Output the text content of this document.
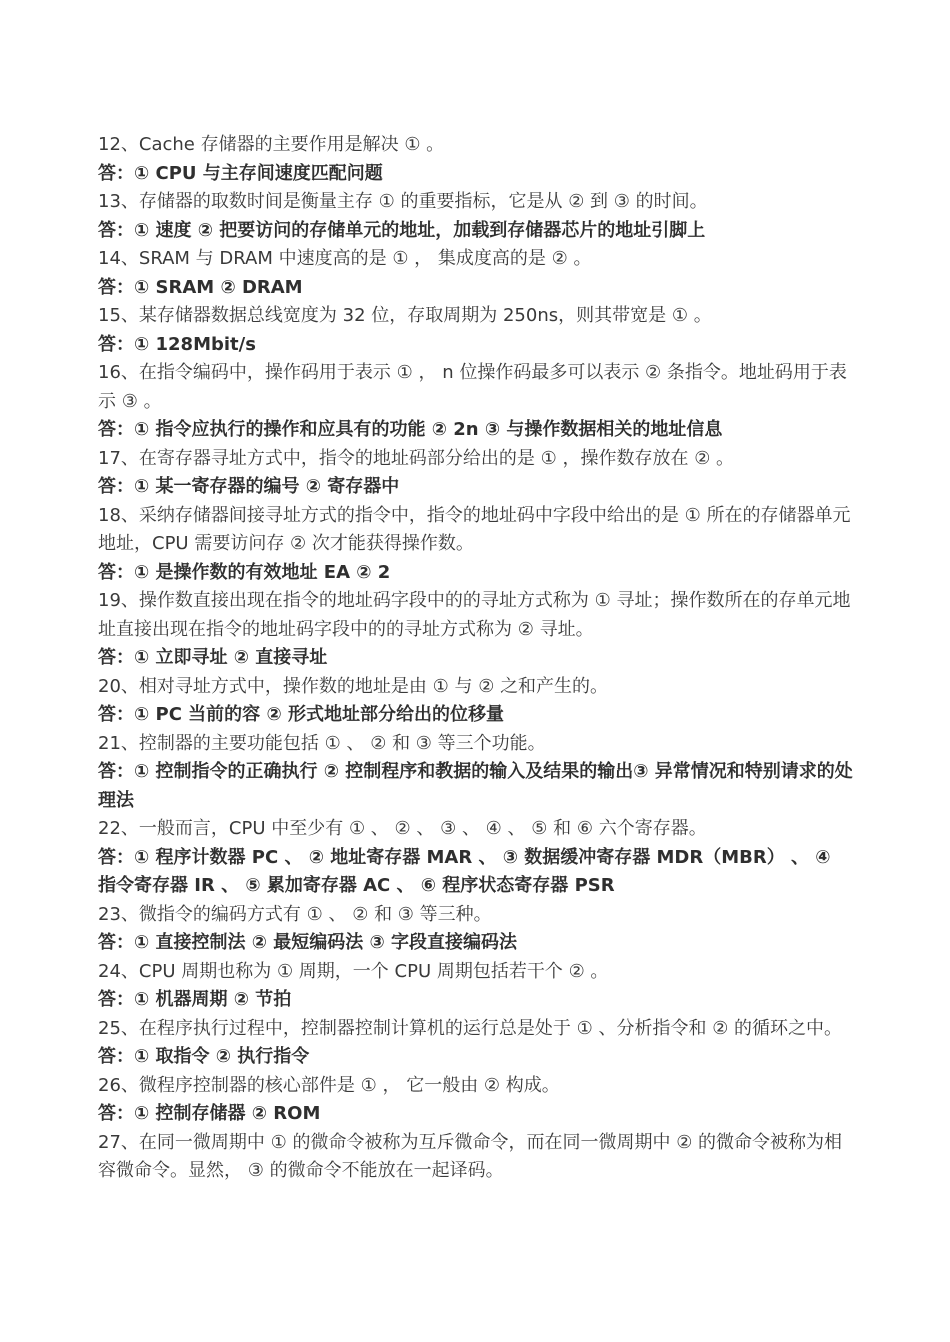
12、Cache 存储器的主要作用是解决 ① 。

答：① CPU 与主存间速度匹配问题

13、存储器的取数时间是衡量主存 ① 的重要指标，它是从 ② 到 ③ 的时间。

答：① 速度 ② 把要访问的存储单元的地址，加载到存储器芯片的地址引脚上

14、SRAM 与 DRAM 中速度高的是 ① ， 集成度高的是 ② 。

答：① SRAM ② DRAM

15、某存储器数据总线宽度为 32 位，存取周期为 250ns，则其带宽是 ① 。

答：① 128Mbit/s

16、在指令编码中，操作码用于表示 ① ， n 位操作码最多可以表示 ② 条指令。地址码用于表示 ③ 。

答：① 指令应执行的操作和应具有的功能 ② 2n ③ 与操作数据相关的地址信息

17、在寄存器寻址方式中，指令的地址码部分给出的是 ① ，操作数存放在 ② 。

答：① 某一寄存器的编号 ② 寄存器中

18、采纳存储器间接寻址方式的指令中，指令的地址码中字段中给出的是 ① 所在的存储器单元地址，CPU 需要访问存 ② 次才能获得操作数。

答：① 是操作数的有效地址 EA ② 2

19、操作数直接出现在指令的地址码字段中的的寻址方式称为 ① 寻址；操作数所在的存单元地址直接出现在指令的地址码字段中的的寻址方式称为 ② 寻址。

答：① 立即寻址 ② 直接寻址

20、相对寻址方式中，操作数的地址是由 ① 与 ② 之和产生的。

答：① PC 当前的容 ② 形式地址部分给出的位移量

21、控制器的主要功能包括 ① 、 ② 和 ③ 等三个功能。

答：① 控制指令的正确执行 ② 控制程序和教据的输入及结果的输出③ 异常情况和特别请求的处理法

22、一般而言，CPU 中至少有 ① 、 ② 、 ③ 、 ④ 、 ⑤ 和 ⑥ 六个寄存器。

答：① 程序计数器 PC 、 ② 地址寄存器 MAR 、 ③ 数据缓冲寄存器 MDR（MBR） 、 ④ 指令寄存器 IR 、 ⑤ 累加寄存器 AC 、 ⑥ 程序状态寄存器 PSR

23、微指令的编码方式有 ① 、 ② 和 ③ 等三种。

答：① 直接控制法 ② 最短编码法 ③ 字段直接编码法

24、CPU 周期也称为 ① 周期，一个 CPU 周期包括若干个 ② 。

答：① 机器周期 ② 节拍

25、在程序执行过程中，控制器控制计算机的运行总是处于 ① 、分析指令和 ② 的循环之中。

答：① 取指令 ② 执行指令

26、微程序控制器的核心部件是 ① ， 它一般由 ② 构成。

答：① 控制存储器 ② ROM

27、在同一微周期中 ① 的微命令被称为互斥微命令，而在同一微周期中 ② 的微命令被称为相容微命令。显然， ③ 的微命令不能放在一起译码。
